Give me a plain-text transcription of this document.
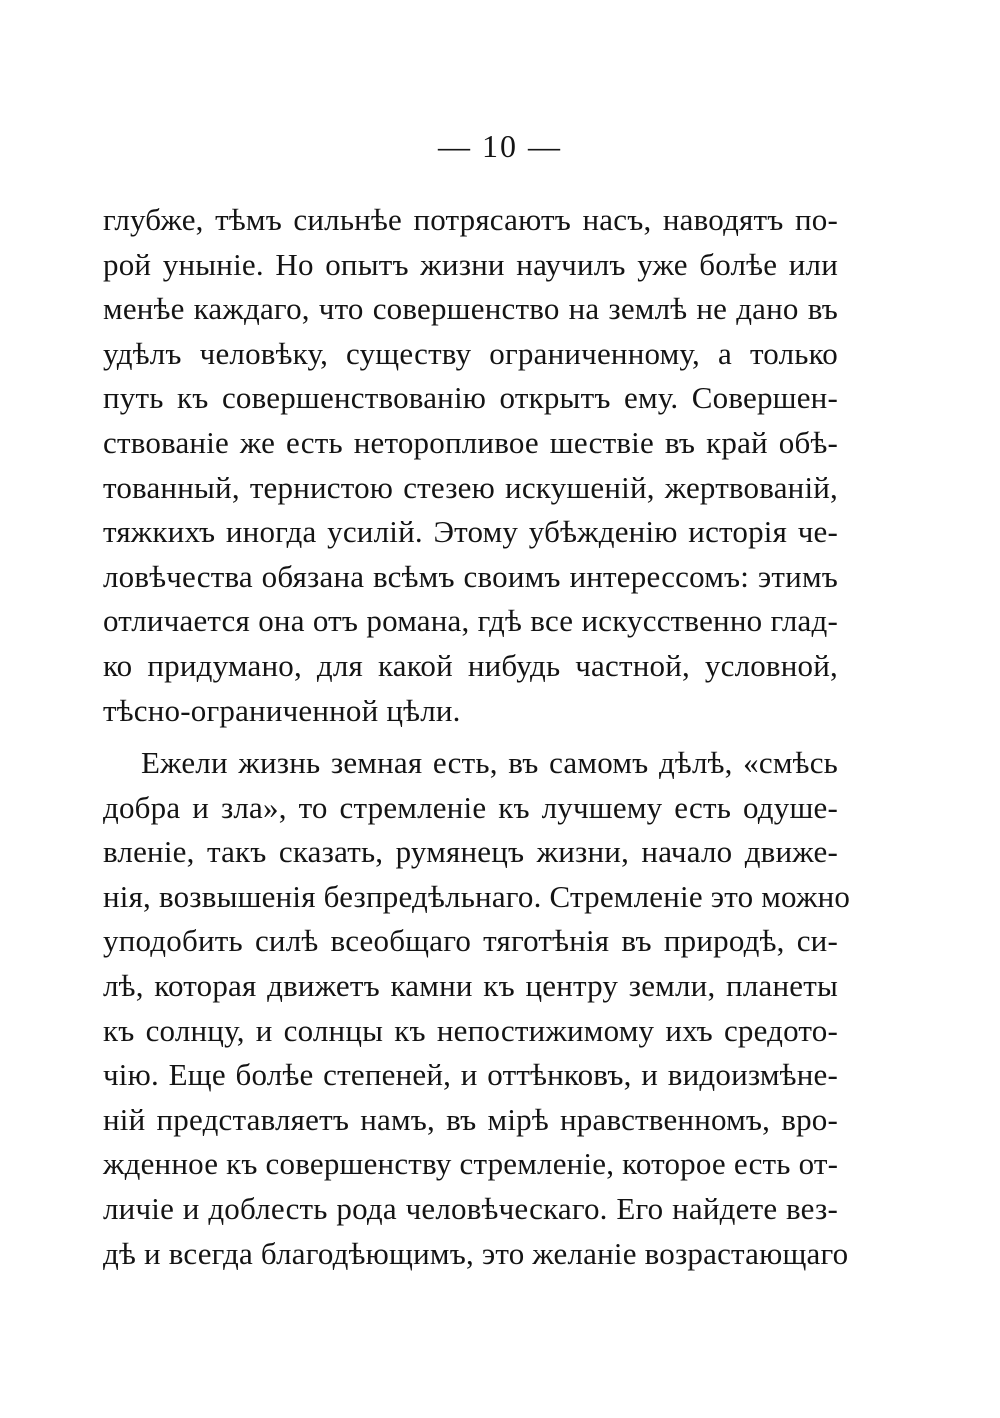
— 10 —
глубже, тѣмъ сильнѣе потрясаютъ насъ, наводятъ по-
рой уныніе. Но опытъ жизни научилъ уже болѣе или
менѣе каждаго, что совершенство на землѣ не дано въ
удѣлъ человѣку, существу ограниченному, а только
путь къ совершенствованію открытъ ему. Совершен-
ствованіе же есть неторопливое шествіе въ край обѣ-
тованный, тернистою стезею искушеній, жертвованій,
тяжкихъ иногда усилій. Этому убѣжденію исторія че-
ловѣчества обязана всѣмъ своимъ интерессомъ: этимъ
отличается она отъ романа, гдѣ все искусственно глад-
ко придумано, для какой нибудь частной, условной,
тѣсно-ограниченной цѣли.
Ежели жизнь земная есть, въ самомъ дѣлѣ, «смѣсь
добра и зла», то стремленіе къ лучшему есть одуше-
вленіе, такъ сказать, румянецъ жизни, начало движе-
нія, возвышенія безпредѣльнаго. Стремленіе это можно
уподобить силѣ всеобщаго тяготѣнія въ природѣ, си-
лѣ, которая движетъ камни къ центру земли, планеты
къ солнцу, и солнцы къ непостижимому ихъ средото-
чію. Еще болѣе степеней, и оттѣнковъ, и видоизмѣне-
ній представляетъ намъ, въ мірѣ нравственномъ, вро-
жденное къ совершенству стремленіе, которое есть от-
личіе и доблесть рода человѣческаго. Его найдете вез-
дѣ и всегда благодѣющимъ, это желаніе возрастающаго
